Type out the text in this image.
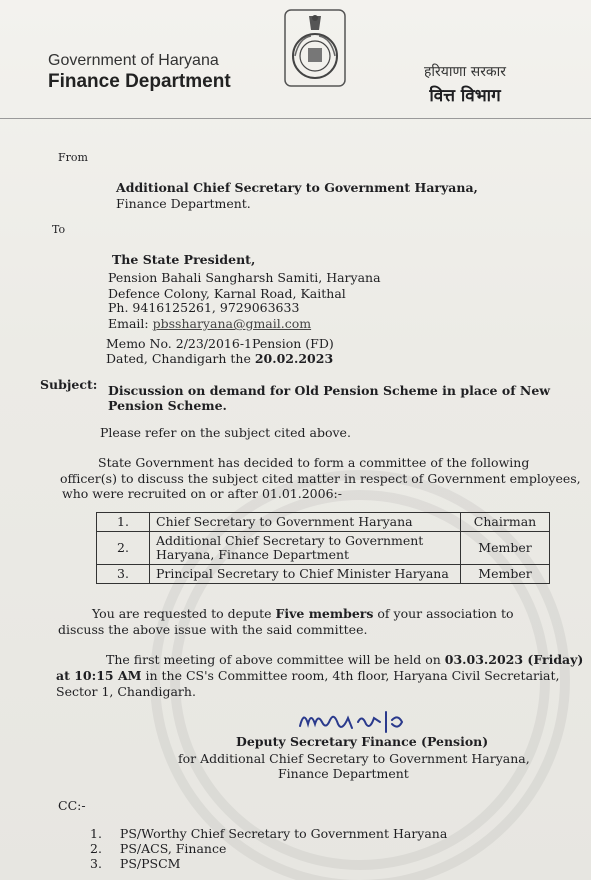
Government of Haryana
Finance Department	हरियाणा सरकार
वित्त विभाग
From
Additional Chief Secretary to Government Haryana,
Finance Department.
To
The State President,
Pension Bahali Sangharsh Samiti, Haryana
Defence Colony, Karnal Road, Kaithal
Ph. 9416125261, 9729063633
Email: pbssharyana@gmail.com
Memo No. 2/23/2016-1Pension (FD)
Dated, Chandigarh the 20.02.2023
Subject: Discussion on demand for Old Pension Scheme in place of New
Pension Scheme.
Please refer on the subject cited above.
State Government has decided to form a committee of the following
officer(s) to discuss the subject cited matter in respect of Government employees,
who were recruited on or after 01.01.2006:-
1.	Chief Secretary to Government Haryana	Chairman
2.	Additional Chief Secretary to Government Haryana, Finance Department	Member
3.	Principal Secretary to Chief Minister Haryana	Member
You are requested to depute Five members of your association to
discuss the above issue with the said committee.
The first meeting of above committee will be held on 03.03.2023 (Friday)
at 10:15 AM in the CS's Committee room, 4th floor, Haryana Civil Secretariat,
Sector 1, Chandigarh.
Deputy Secretary Finance (Pension)
for Additional Chief Secretary to Government Haryana,
Finance Department
CC:-
1. PS/Worthy Chief Secretary to Government Haryana
2. PS/ACS, Finance
3. PS/PSCM
